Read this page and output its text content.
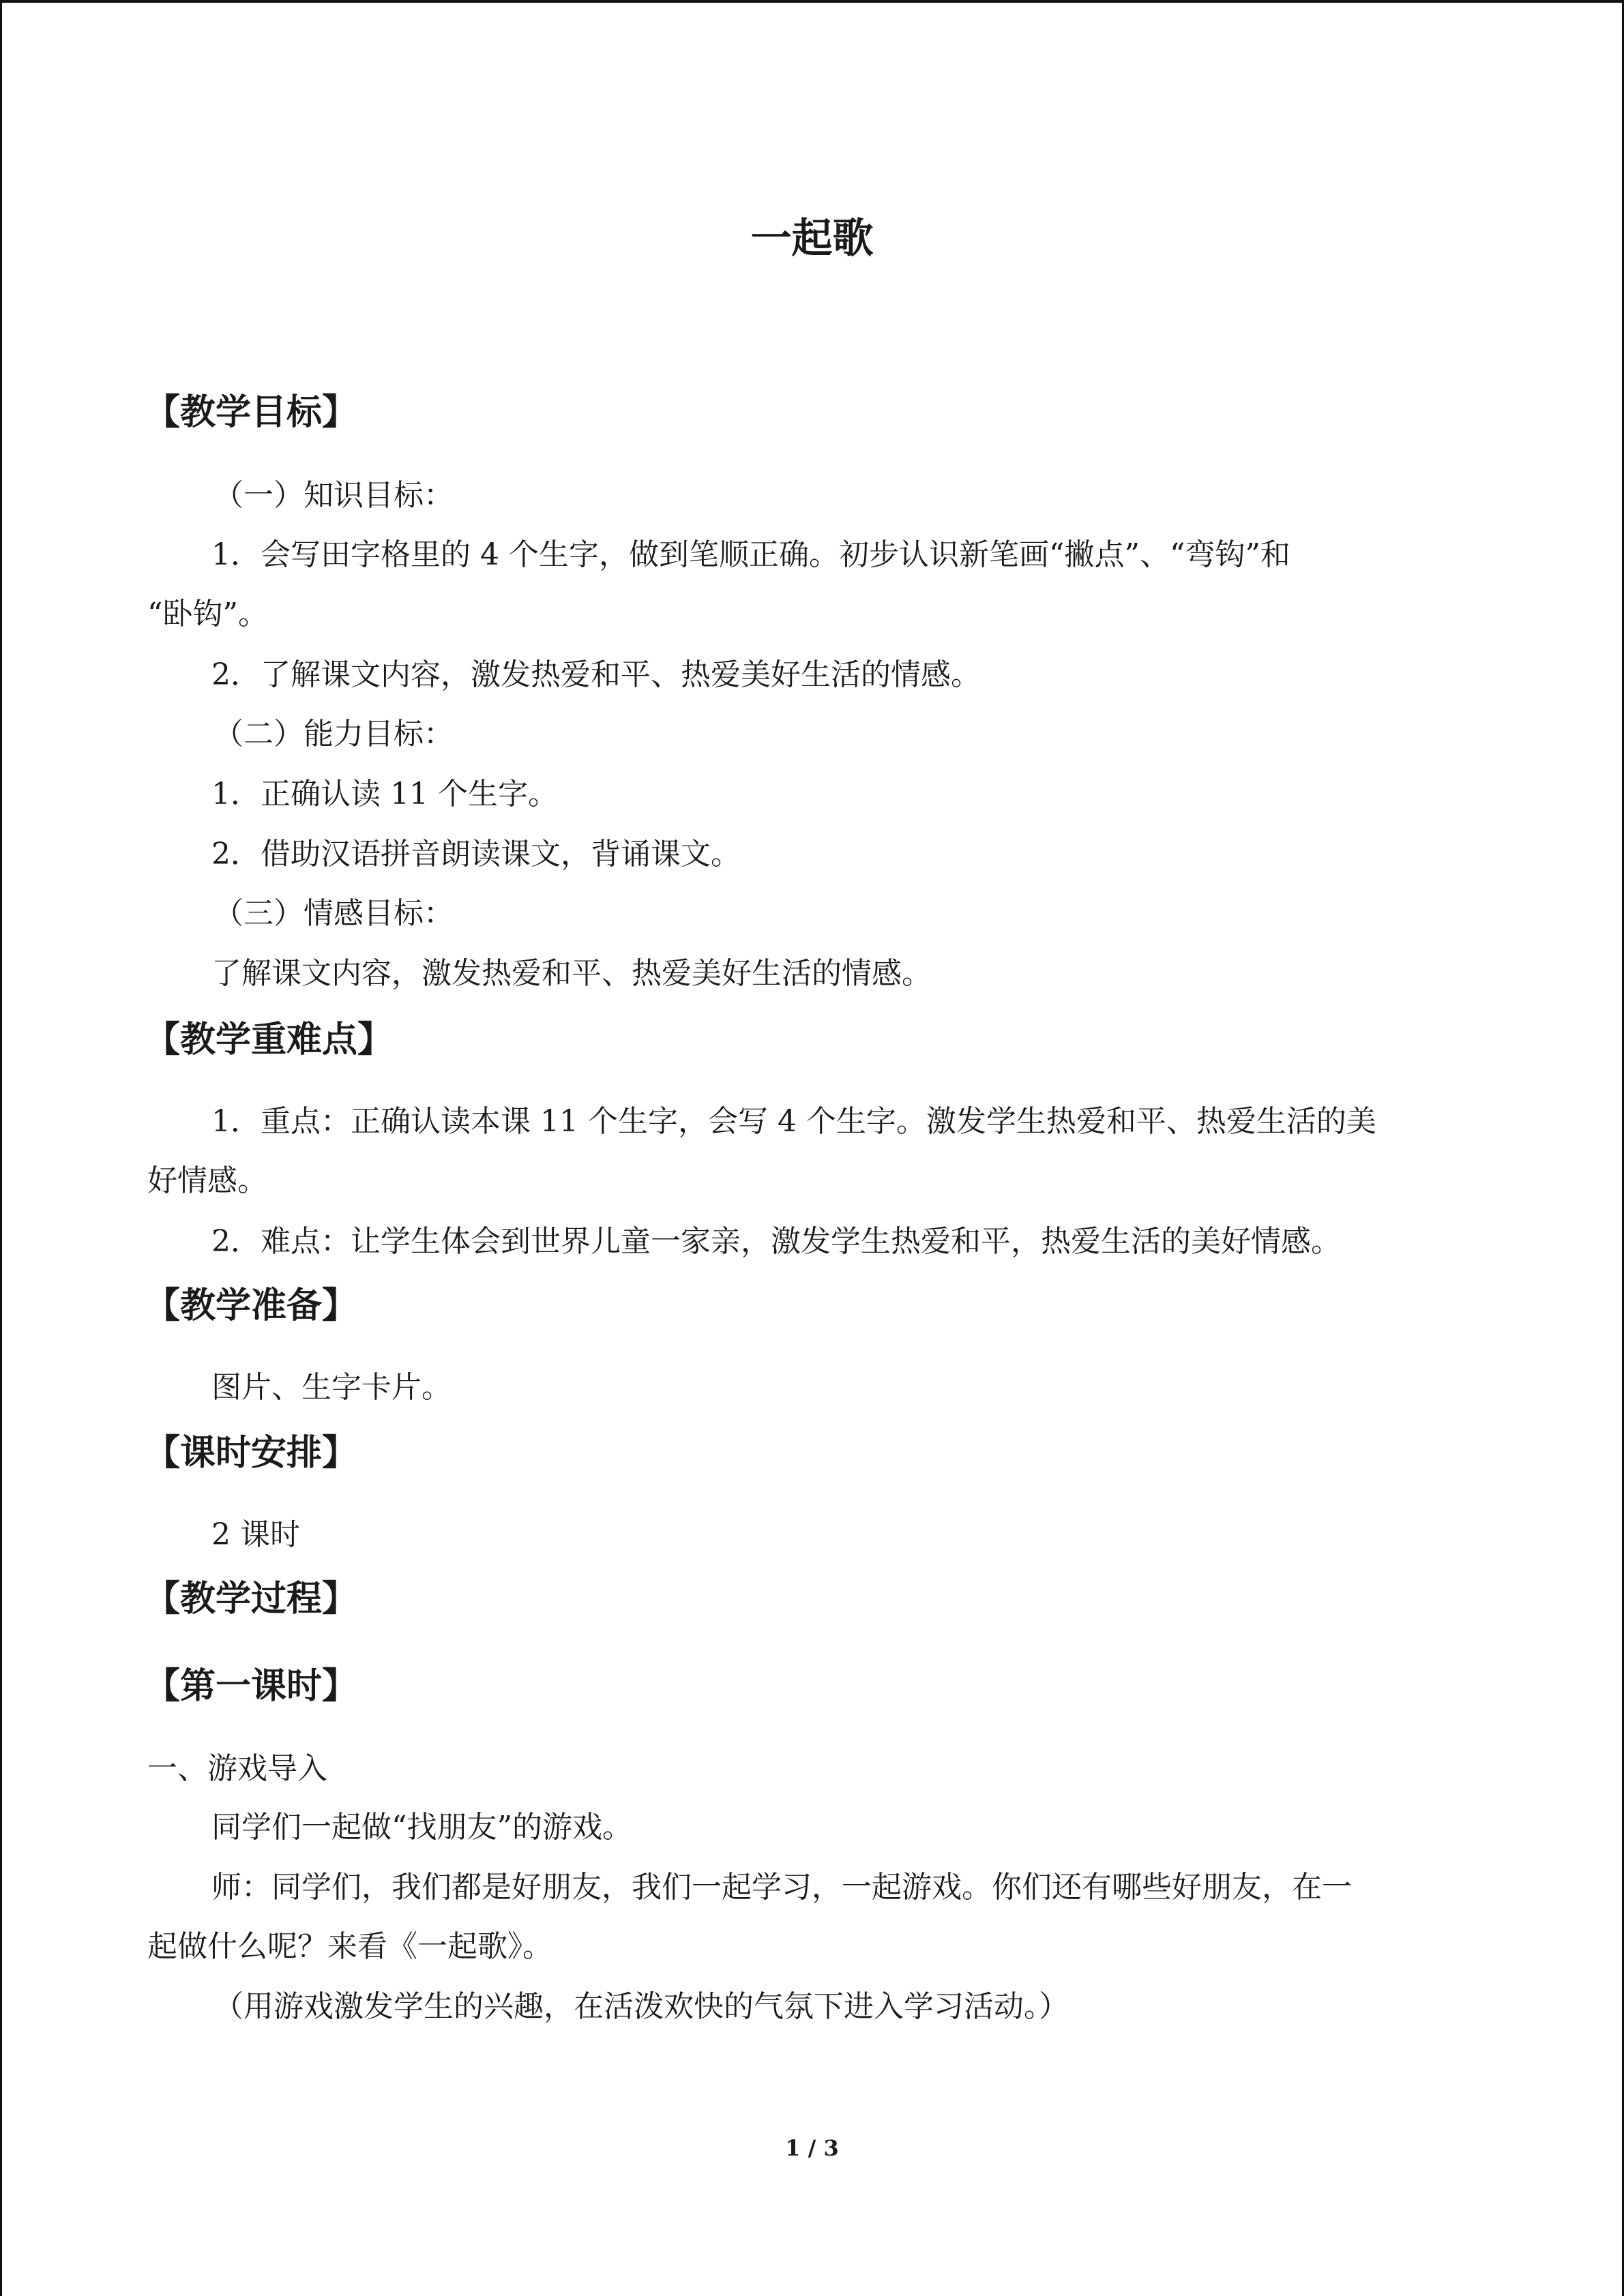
一起歌
【教学目标】
（一）知识目标：
1．会写田字格里的 4 个生字，做到笔顺正确。初步认识新笔画“撇点”、“弯钩”和
“卧钩”。
2．了解课文内容，激发热爱和平、热爱美好生活的情感。
（二）能力目标：
1．正确认读 11 个生字。
2．借助汉语拼音朗读课文，背诵课文。
（三）情感目标：
了解课文内容，激发热爱和平、热爱美好生活的情感。
【教学重难点】
1．重点：正确认读本课 11 个生字，会写 4 个生字。激发学生热爱和平、热爱生活的美
好情感。
2．难点：让学生体会到世界儿童一家亲，激发学生热爱和平，热爱生活的美好情感。
【教学准备】
图片、生字卡片。
【课时安排】
2 课时
【教学过程】
【第一课时】
一、游戏导入
同学们一起做“找朋友”的游戏。
师：同学们，我们都是好朋友，我们一起学习，一起游戏。你们还有哪些好朋友，在一
起做什么呢？来看《一起歌》。
（用游戏激发学生的兴趣，在活泼欢快的气氛下进入学习活动。）
1 / 3
